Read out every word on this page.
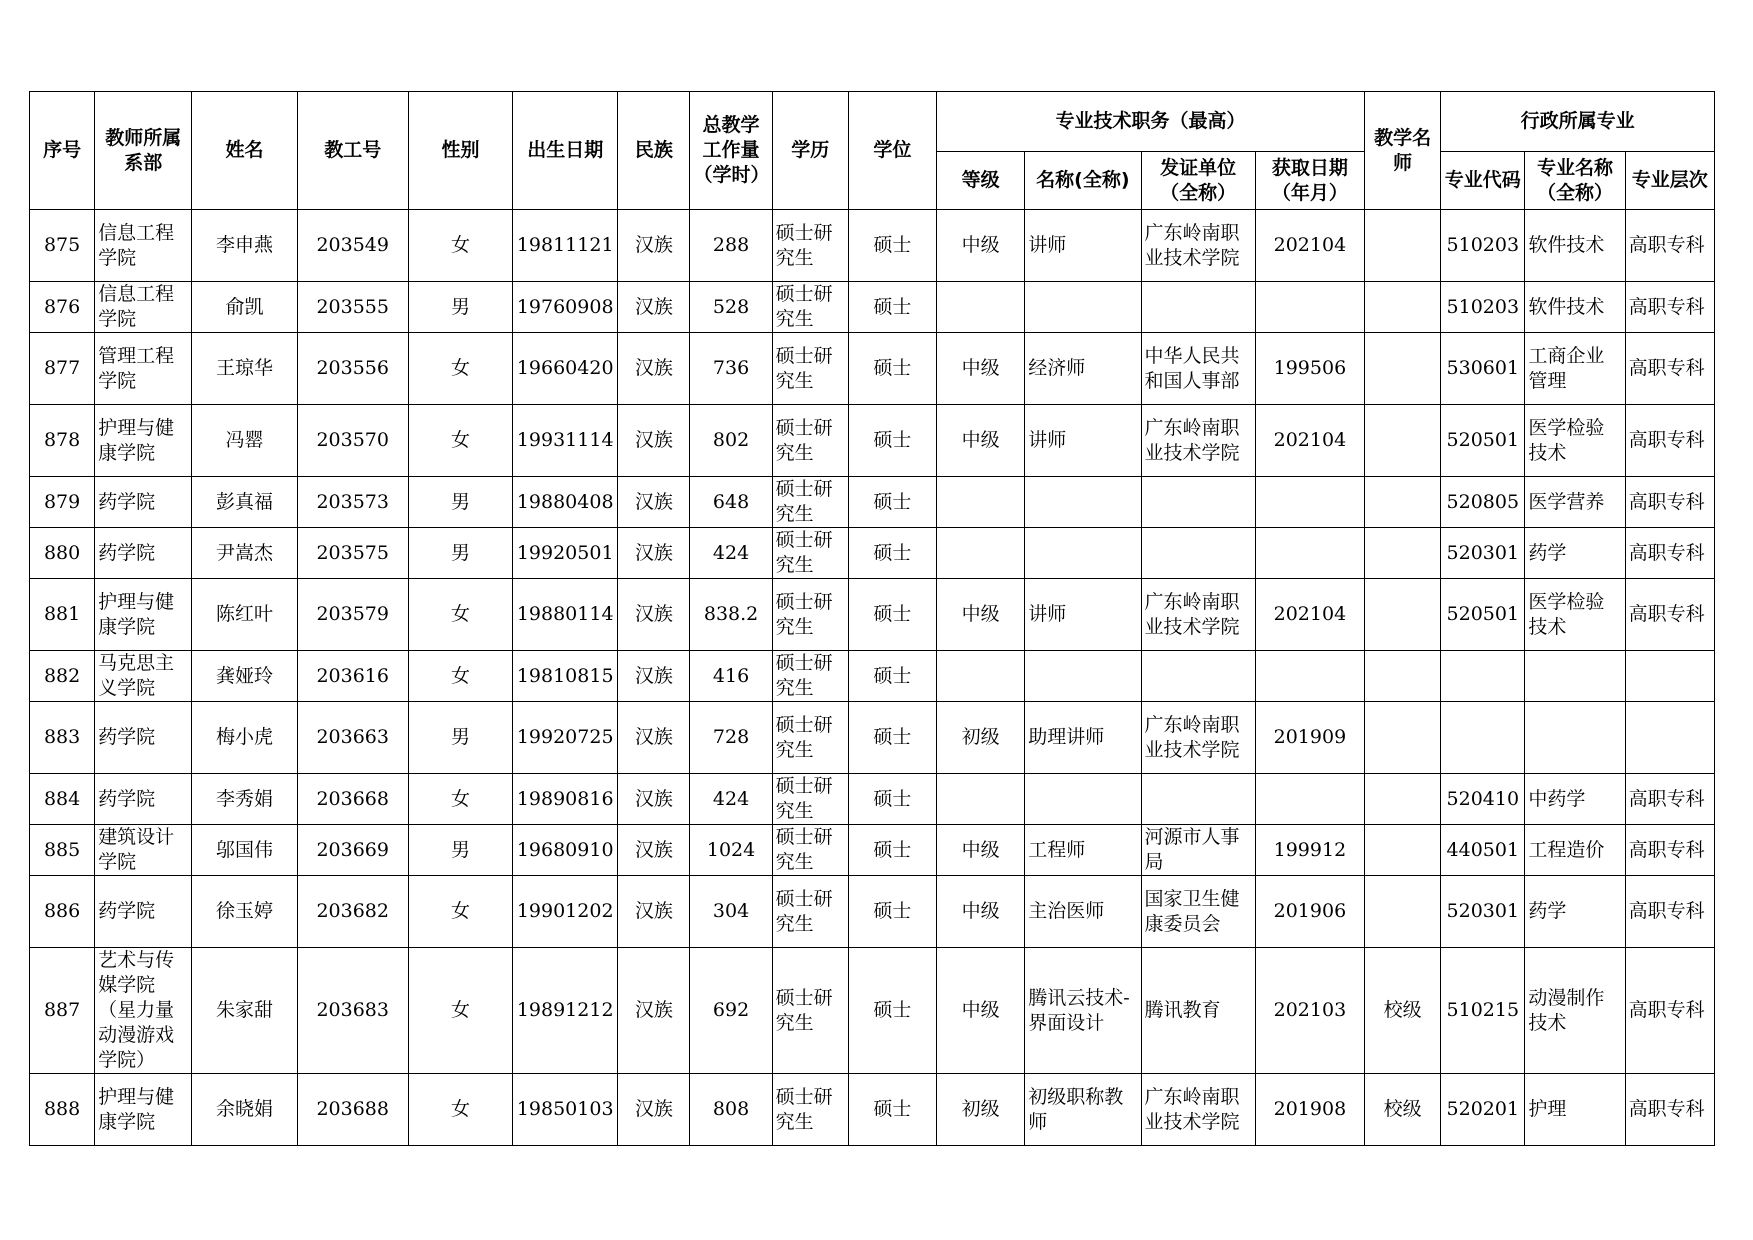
序号	教师所属系部	姓名	教工号	性别	出生日期	民族	总教学工作量（学时）	学历	学位	专业技术职务（最高）				教学名师	行政所属专业		
										等级	名称(全称)	发证单位（全称）	获取日期（年月）		专业代码	专业名称（全称）	专业层次
875	信息工程学院	李申燕	203549	女	19811121	汉族	288	硕士研究生	硕士	中级	讲师	广东岭南职业技术学院	202104		510203	软件技术	高职专科
876	信息工程学院	俞凯	203555	男	19760908	汉族	528	硕士研究生	硕士						510203	软件技术	高职专科
877	管理工程学院	王琼华	203556	女	19660420	汉族	736	硕士研究生	硕士	中级	经济师	中华人民共和国人事部	199506		530601	工商企业管理	高职专科
878	护理与健康学院	冯罂	203570	女	19931114	汉族	802	硕士研究生	硕士	中级	讲师	广东岭南职业技术学院	202104		520501	医学检验技术	高职专科
879	药学院	彭真福	203573	男	19880408	汉族	648	硕士研究生	硕士						520805	医学营养	高职专科
880	药学院	尹嵩杰	203575	男	19920501	汉族	424	硕士研究生	硕士						520301	药学	高职专科
881	护理与健康学院	陈红叶	203579	女	19880114	汉族	838.2	硕士研究生	硕士	中级	讲师	广东岭南职业技术学院	202104		520501	医学检验技术	高职专科
882	马克思主义学院	龚娅玲	203616	女	19810815	汉族	416	硕士研究生	硕士								
883	药学院	梅小虎	203663	男	19920725	汉族	728	硕士研究生	硕士	初级	助理讲师	广东岭南职业技术学院	201909				
884	药学院	李秀娟	203668	女	19890816	汉族	424	硕士研究生	硕士						520410	中药学	高职专科
885	建筑设计学院	邬国伟	203669	男	19680910	汉族	1024	硕士研究生	硕士	中级	工程师	河源市人事局	199912		440501	工程造价	高职专科
886	药学院	徐玉婷	203682	女	19901202	汉族	304	硕士研究生	硕士	中级	主治医师	国家卫生健康委员会	201906		520301	药学	高职专科
887	艺术与传媒学院（星力量动漫游戏学院）	朱家甜	203683	女	19891212	汉族	692	硕士研究生	硕士	中级	腾讯云技术-界面设计	腾讯教育	202103	校级	510215	动漫制作技术	高职专科
888	护理与健康学院	余晓娟	203688	女	19850103	汉族	808	硕士研究生	硕士	初级	初级职称教师	广东岭南职业技术学院	201908	校级	520201	护理	高职专科
